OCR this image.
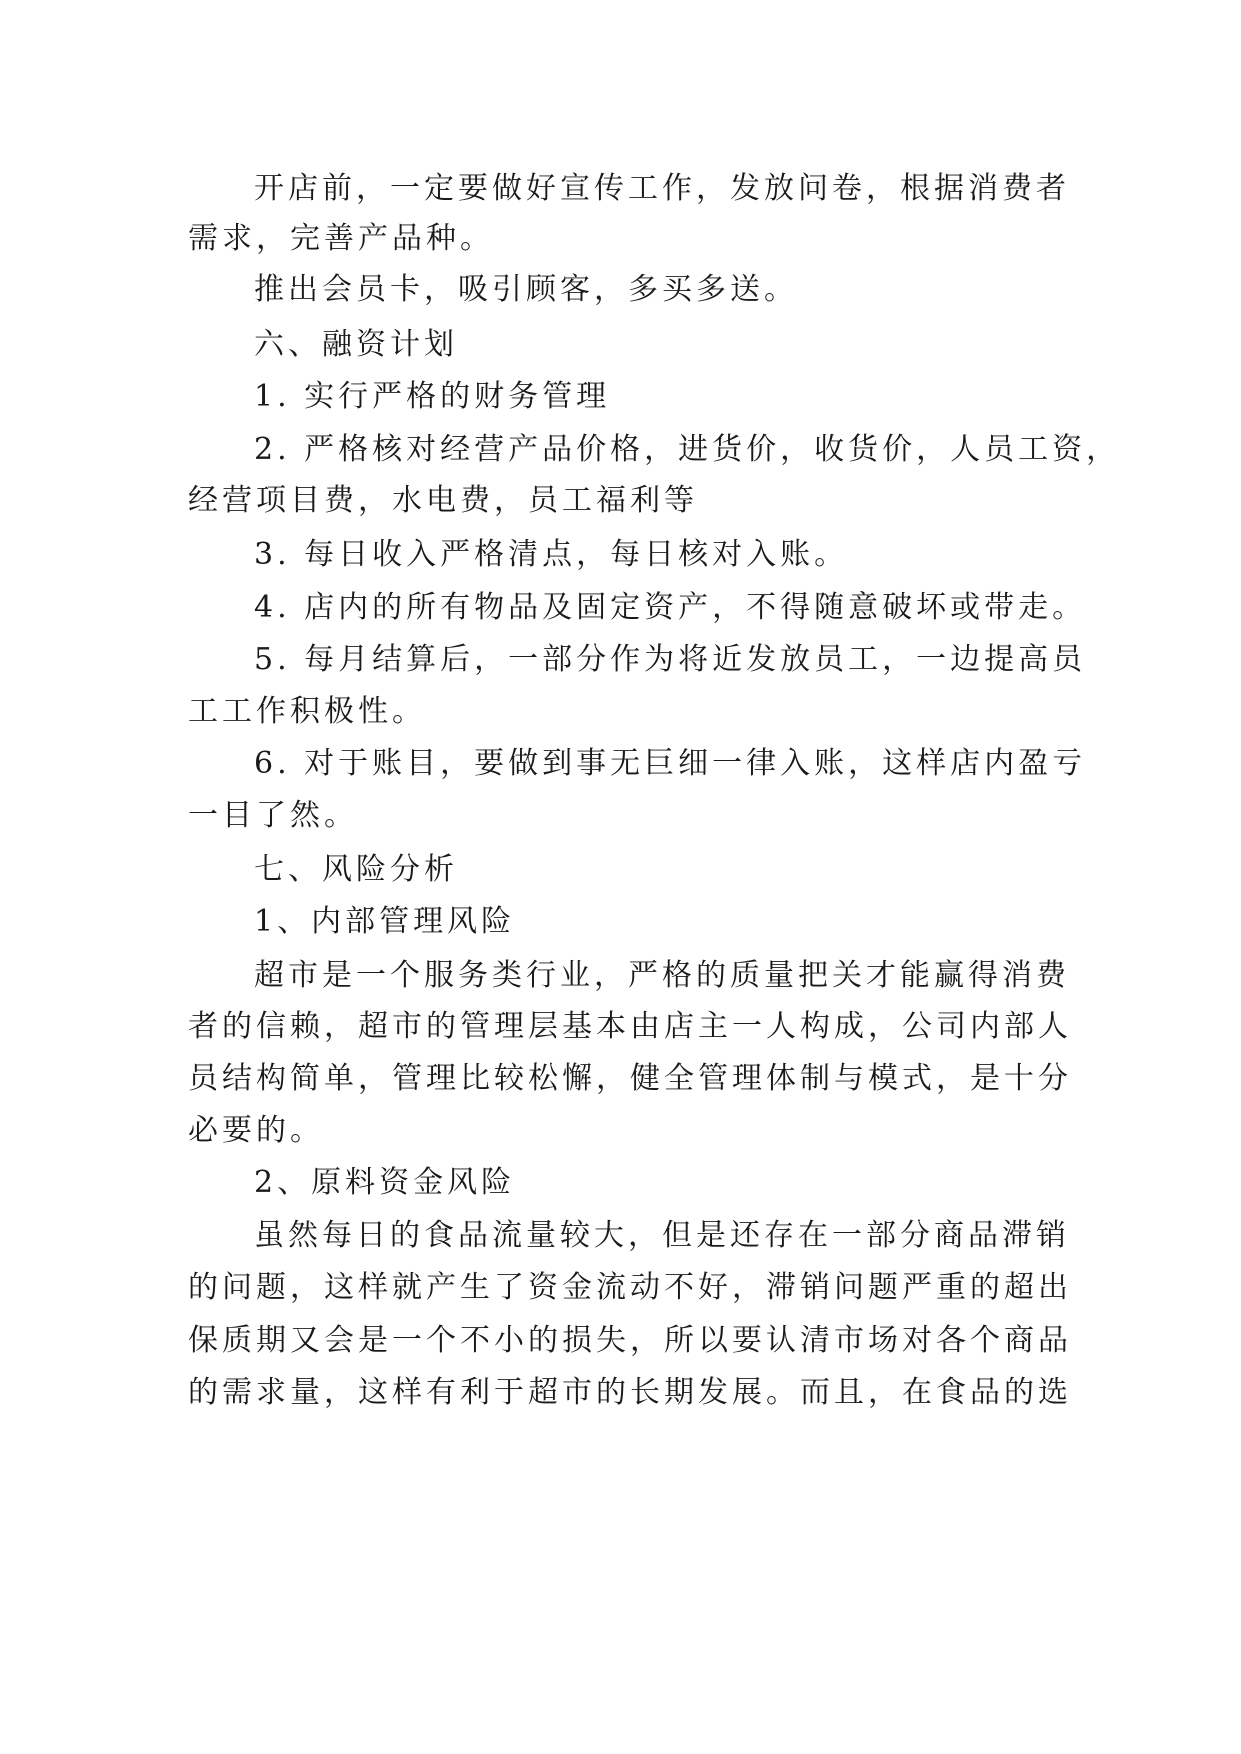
开店前，一定要做好宣传工作，发放问卷，根据消费者
需求，完善产品种。
推出会员卡，吸引顾客，多买多送。
六、融资计划
1. 实行严格的财务管理
2. 严格核对经营产品价格，进货价，收货价，人员工资，
经营项目费，水电费，员工福利等
3. 每日收入严格清点，每日核对入账。
4. 店内的所有物品及固定资产，不得随意破坏或带走。
5. 每月结算后，一部分作为将近发放员工，一边提高员
工工作积极性。
6. 对于账目，要做到事无巨细一律入账，这样店内盈亏
一目了然。
七、风险分析
1、内部管理风险
超市是一个服务类行业，严格的质量把关才能赢得消费
者的信赖，超市的管理层基本由店主一人构成，公司内部人
员结构简单，管理比较松懈，健全管理体制与模式，是十分
必要的。
2、原料资金风险
虽然每日的食品流量较大，但是还存在一部分商品滞销
的问题，这样就产生了资金流动不好，滞销问题严重的超出
保质期又会是一个不小的损失，所以要认清市场对各个商品
的需求量，这样有利于超市的长期发展。而且，在食品的选
